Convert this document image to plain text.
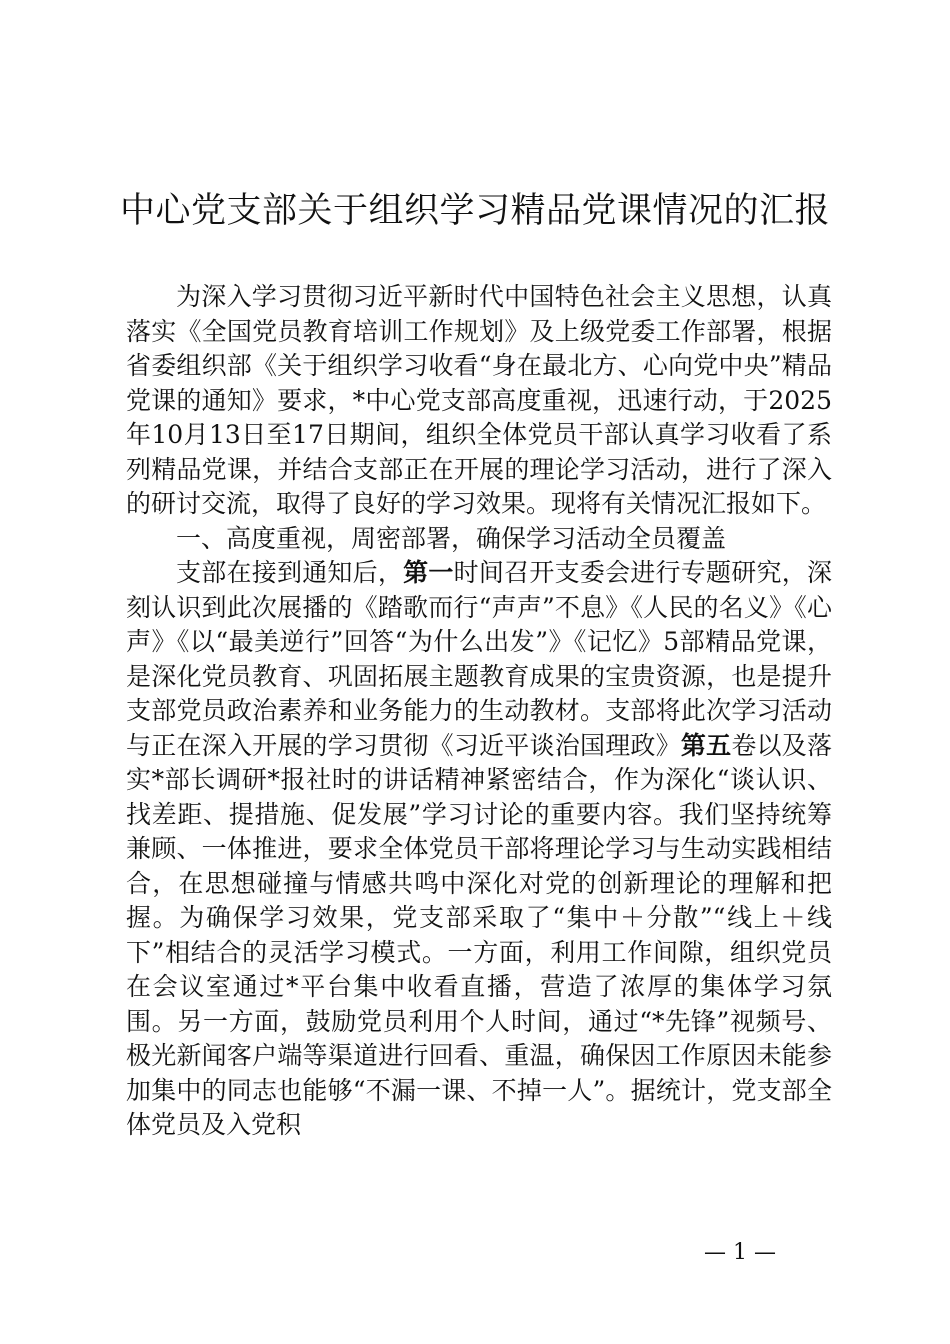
中心党支部关于组织学习精品党课情况的汇报

为深入学习贯彻习近平新时代中国特色社会主义思想，认真落实《全国党员教育培训工作规划》及上级党委工作部署，根据省委组织部《关于组织学习收看“身在最北方、心向党中央”精品党课的通知》要求，*中心党支部高度重视，迅速行动，于2025年10月13日至17日期间，组织全体党员干部认真学习收看了系列精品党课，并结合支部正在开展的理论学习活动，进行了深入的研讨交流，取得了良好的学习效果。现将有关情况汇报如下。

一、高度重视，周密部署，确保学习活动全员覆盖

支部在接到通知后，第一时间召开支委会进行专题研究，深刻认识到此次展播的《踏歌而行“声声”不息》《人民的名义》《心声》《以“最美逆行”回答“为什么出发”》《记忆》5部精品党课，是深化党员教育、巩固拓展主题教育成果的宝贵资源，也是提升支部党员政治素养和业务能力的生动教材。支部将此次学习活动与正在深入开展的学习贯彻《习近平谈治国理政》第五卷以及落实*部长调研*报社时的讲话精神紧密结合，作为深化“谈认识、找差距、提措施、促发展”学习讨论的重要内容。我们坚持统筹兼顾、一体推进，要求全体党员干部将理论学习与生动实践相结合，在思想碰撞与情感共鸣中深化对党的创新理论的理解和把握。为确保学习效果，党支部采取了“集中＋分散”“线上＋线下”相结合的灵活学习模式。一方面，利用工作间隙，组织党员在会议室通过*平台集中收看直播，营造了浓厚的集体学习氛围。另一方面，鼓励党员利用个人时间，通过“*先锋”视频号、极光新闻客户端等渠道进行回看、重温，确保因工作原因未能参加集中的同志也能够“不漏一课、不掉一人”。据统计，党支部全体党员及入党积

— 1 —
